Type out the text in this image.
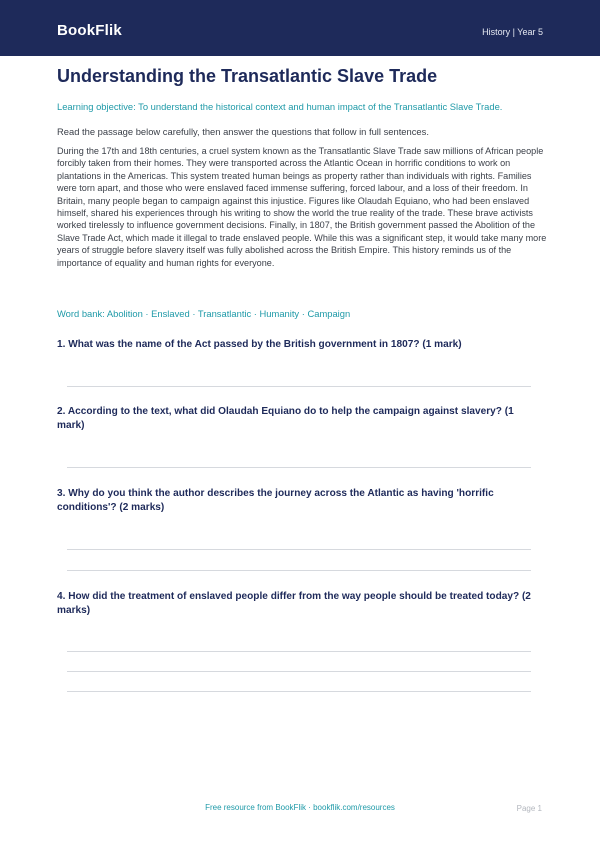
BookFlik	History | Year 5
Understanding the Transatlantic Slave Trade
Learning objective: To understand the historical context and human impact of the Transatlantic Slave Trade.
Read the passage below carefully, then answer the questions that follow in full sentences.

During the 17th and 18th centuries, a cruel system known as the Transatlantic Slave Trade saw millions of African people forcibly taken from their homes. They were transported across the Atlantic Ocean in horrific conditions to work on plantations in the Americas. This system treated human beings as property rather than individuals with rights. Families were torn apart, and those who were enslaved faced immense suffering, forced labour, and a loss of their freedom. In Britain, many people began to campaign against this injustice. Figures like Olaudah Equiano, who had been enslaved himself, shared his experiences through his writing to show the world the true reality of the trade. These brave activists worked tirelessly to influence government decisions. Finally, in 1807, the British government passed the Abolition of the Slave Trade Act, which made it illegal to trade enslaved people. While this was a significant step, it would take many more years of struggle before slavery itself was fully abolished across the British Empire. This history reminds us of the importance of equality and human rights for everyone.

Word bank: Abolition · Enslaved · Transatlantic · Humanity · Campaign
1. What was the name of the Act passed by the British government in 1807? (1 mark)
2. According to the text, what did Olaudah Equiano do to help the campaign against slavery? (1 mark)
3. Why do you think the author describes the journey across the Atlantic as having 'horrific conditions'? (2 marks)
4. How did the treatment of enslaved people differ from the way people should be treated today? (2 marks)
Free resource from BookFlik · bookflik.com/resources	Page 1
